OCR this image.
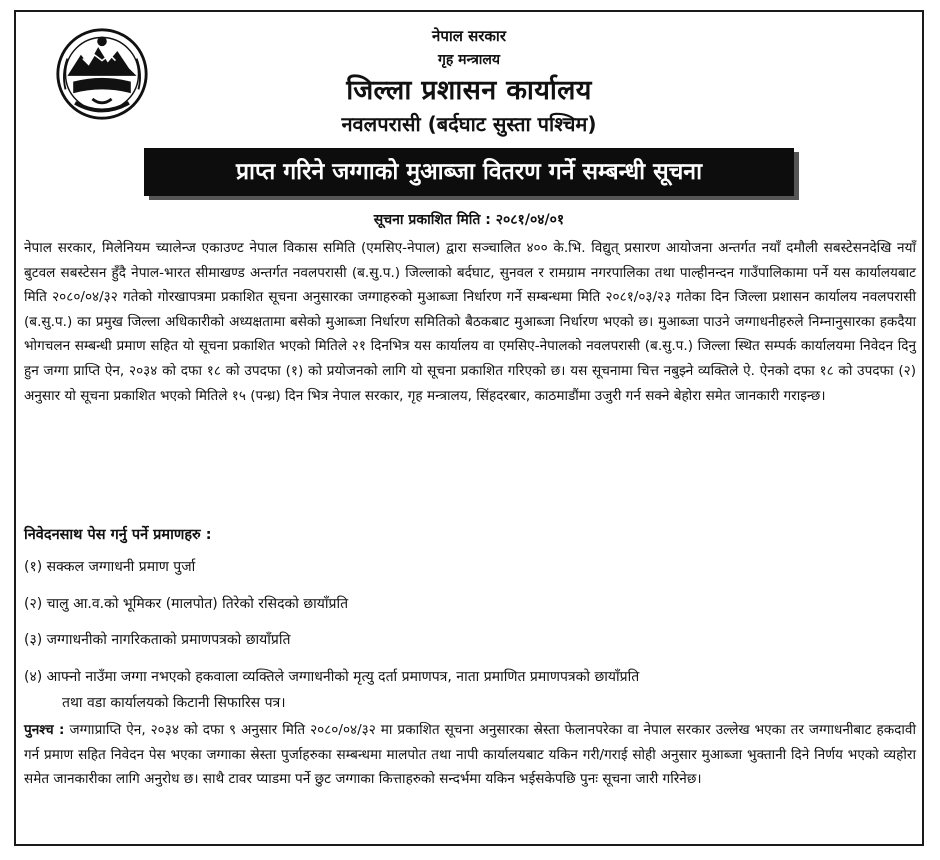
नेपाल सरकार
गृह मन्त्रालय
जिल्ला प्रशासन कार्यालय
नवलपरासी (बर्दघाट सुस्ता पश्चिम)
प्राप्त गरिने जग्गाको मुआब्जा वितरण गर्ने सम्बन्धी सूचना
सूचना प्रकाशित मिति : २०८१/०४/०१
नेपाल सरकार, मिलेनियम च्यालेन्ज एकाउण्ट नेपाल विकास समिति (एमसिए-नेपाल) द्वारा सञ्चालित ४०० के.भि. विद्युत् प्रसारण आयोजना अन्तर्गत नयाँ दमौली सबस्टेसनदेखि नयाँ बुटवल सबस्टेसन हुँदै नेपाल-भारत सीमाखण्ड अन्तर्गत नवलपरासी (ब.सु.प.) जिल्लाको बर्दघाट, सुनवल र रामग्राम नगरपालिका तथा पाल्हीनन्दन गाउँपालिकामा पर्ने यस कार्यालयबाट मिति २०८०/०४/३२ गतेको गोरखापत्रमा प्रकाशित सूचना अनुसारका जग्गाहरुको मुआब्जा निर्धारण गर्ने सम्बन्धमा मिति २०८१/०३/२३ गतेका दिन जिल्ला प्रशासन कार्यालय नवलपरासी (ब.सु.प.) का प्रमुख जिल्ला अधिकारीको अध्यक्षतामा बसेको मुआब्जा निर्धारण समितिको बैठकबाट मुआब्जा निर्धारण भएको छ। मुआब्जा पाउने जग्गाधनीहरुले निम्नानुसारका हकदैया भोगचलन सम्बन्धी प्रमाण सहित यो सूचना प्रकाशित भएको मितिले २१ दिनभित्र यस कार्यालय वा एमसिए-नेपालको नवलपरासी (ब.सु.प.) जिल्ला स्थित सम्पर्क कार्यालयमा निवेदन दिनु हुन जग्गा प्राप्ति ऐन, २०३४ को दफा १८ को उपदफा (१) को प्रयोजनको लागि यो सूचना प्रकाशित गरिएको छ। यस सूचनामा चित्त नबुझ्ने व्यक्तिले ऐ. ऐनको दफा १८ को उपदफा (२) अनुसार यो सूचना प्रकाशित भएको मितिले १५ (पन्ध्र) दिन भित्र नेपाल सरकार, गृह मन्त्रालय, सिंहदरबार, काठमाडौंमा उजुरी गर्न सक्ने बेहोरा समेत जानकारी गराइन्छ।
निवेदनसाथ पेस गर्नु पर्ने प्रमाणहरु :
(१) सक्कल जग्गाधनी प्रमाण पुर्जा
(२) चालु आ.व.को भूमिकर (मालपोत) तिरेको रसिदको छायाँप्रति
(३) जग्गाधनीको नागरिकताको प्रमाणपत्रको छायाँप्रति
(४) आफ्नो नाउँमा जग्गा नभएको हकवाला व्यक्तिले जग्गाधनीको मृत्यु दर्ता प्रमाणपत्र, नाता प्रमाणित प्रमाणपत्रको छायाँप्रति
तथा वडा कार्यालयको किटानी सिफारिस पत्र।
पुनश्च : जग्गाप्राप्ति ऐन, २०३४ को दफा ९ अनुसार मिति २०८०/०४/३२ मा प्रकाशित सूचना अनुसारका स्रेस्ता फेलानपरेका वा नेपाल सरकार उल्लेख भएका तर जग्गाधनीबाट हकदावी गर्न प्रमाण सहित निवेदन पेस भएका जग्गाका स्रेस्ता पुर्जाहरुका सम्बन्धमा मालपोत तथा नापी कार्यालयबाट यकिन गरी/गराई सोही अनुसार मुआब्जा भुक्तानी दिने निर्णय भएको व्यहोरा समेत जानकारीका लागि अनुरोध छ। साथै टावर प्याडमा पर्ने छुट जग्गाका कित्ताहरुको सन्दर्भमा यकिन भईसकेपछि पुनः सूचना जारी गरिनेछ।
